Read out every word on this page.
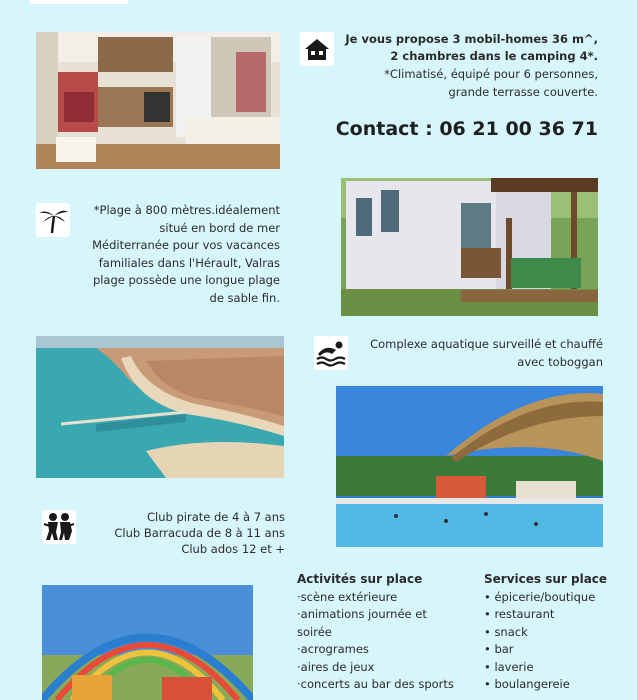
Je vous propose 3 mobil-homes 36 m^,
2 chambres dans le camping 4*.
*Climatisé, équipé pour 6 personnes,
grande terrasse couverte.
Contact : 06 21 00 36 71
*Plage à 800 mètres.idéalement
situé en bord de mer
Méditerranée pour vos vacances
familiales dans l'Hérault, Valras
plage possède une longue plage
de sable fin.
Complexe aquatique surveillé et chauffé
avec toboggan
Club pirate de 4 à 7 ans
Club Barracuda de 8 à 11 ans
Club ados 12 et +
Activités sur place
·scène extérieure
·animations journée et
soirée
·acrogrames
·aires de jeux
·concerts au bar des sports
Services sur place
• épicerie/boutique
• restaurant
• snack
• bar
• laverie
• boulangereie
